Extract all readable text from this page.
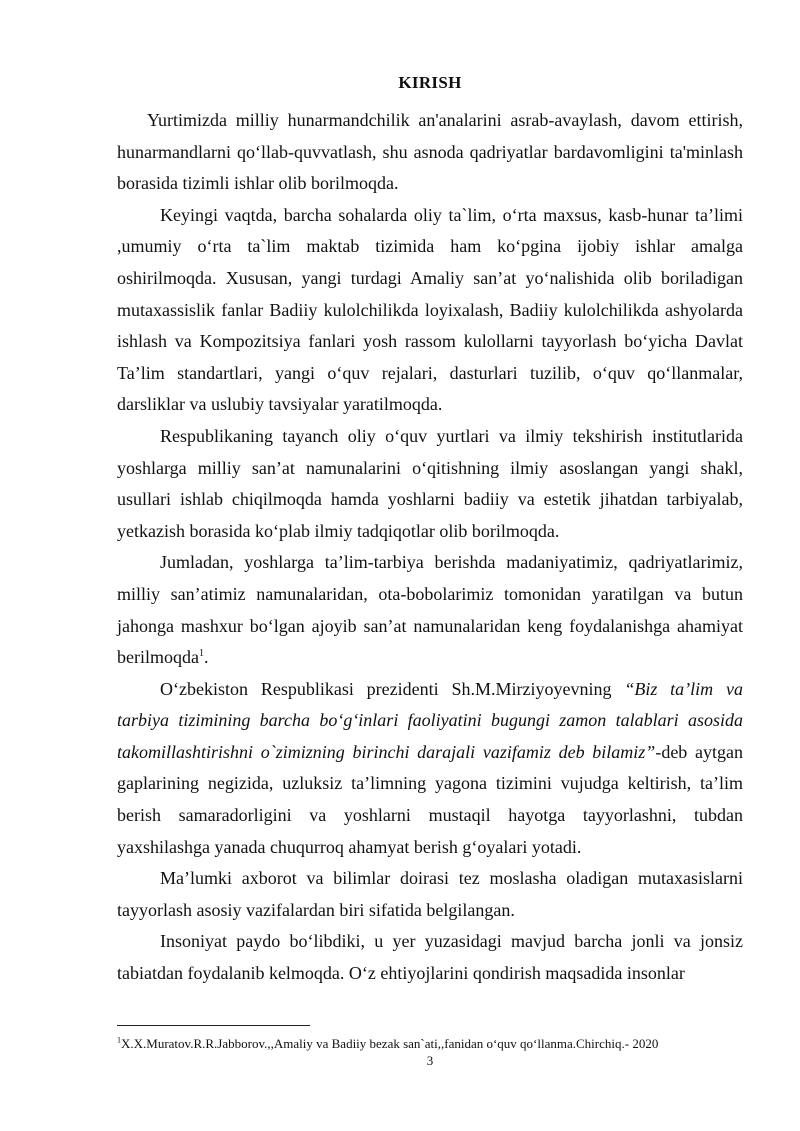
KIRISH

Yurtimizda milliy hunarmandchilik an'analarini asrab-avaylash, davom ettirish, hunarmandlarni qo‘llab-quvvatlash, shu asnoda qadriyatlar bardavomligini ta'minlash borasida tizimli ishlar olib borilmoqda.

Keyingi vaqtda, barcha sohalarda oliy ta`lim, o‘rta maxsus, kasb-hunar ta’limi ,umumiy o‘rta ta`lim maktab tizimida ham ko‘pgina ijobiy ishlar amalga oshirilmoqda. Xususan, yangi turdagi Amaliy san’at yo‘nalishida olib boriladigan mutaxassislik fanlar Badiiy kulolchilikda loyixalash, Badiiy kulolchilikda ashyolarda ishlash va Kompozitsiya fanlari yosh rassom kulollarni tayyorlash bo‘yicha Davlat Ta’lim standartlari, yangi o‘quv rejalari, dasturlari tuzilib, o‘quv qo‘llanmalar, darsliklar va uslubiy tavsiyalar yaratilmoqda.

Respublikaning tayanch oliy o‘quv yurtlari va ilmiy tekshirish institutlarida yoshlarga milliy san’at namunalarini o‘qitishning ilmiy asoslangan yangi shakl, usullari ishlab chiqilmoqda hamda yoshlarni badiiy va estetik jihatdan tarbiyalab, yetkazish borasida ko‘plab ilmiy tadqiqotlar olib borilmoqda.

Jumladan, yoshlarga ta’lim-tarbiya berishda madaniyatimiz, qadriyatlarimiz, milliy san’atimiz namunalaridan, ota-bobolarimiz tomonidan yaratilgan va butun jahonga mashxur bo‘lgan ajoyib san’at namunalaridan keng foydalanishga ahamiyat berilmoqda$^1$.

O‘zbekiston Respublikasi prezidenti Sh.M.Mirziyoyevning “Biz ta’lim va tarbiya tizimining barcha bo‘g‘inlari faoliyatini bugungi zamon talablari asosida takomillashtirishni o`zimizning birinchi darajali vazifamiz deb bilamiz”-deb aytgan gaplarining negizida, uzluksiz ta’limning yagona tizimini vujudga keltirish, ta’lim berish samaradorligini va yoshlarni mustaqil hayotga tayyorlashni, tubdan yaxshilashga yanada chuqurroq ahamyat berish g‘oyalari yotadi.

Ma’lumki axborot va bilimlar doirasi tez moslasha oladigan mutaxasislarni tayyorlash asosiy vazifalardan biri sifatida belgilangan.

Insoniyat paydo bo‘libdiki, u yer yuzasidagi mavjud barcha jonli va jonsiz tabiatdan foydalanib kelmoqda. O‘z ehtiyojlarini qondirish maqsadida insonlar

$^1$X.X.Muratov.R.R.Jabborov.,,Amaliy va Badiiy bezak san`ati,,fanidan o‘quv qo‘llanma.Chirchiq.- 2020
3
